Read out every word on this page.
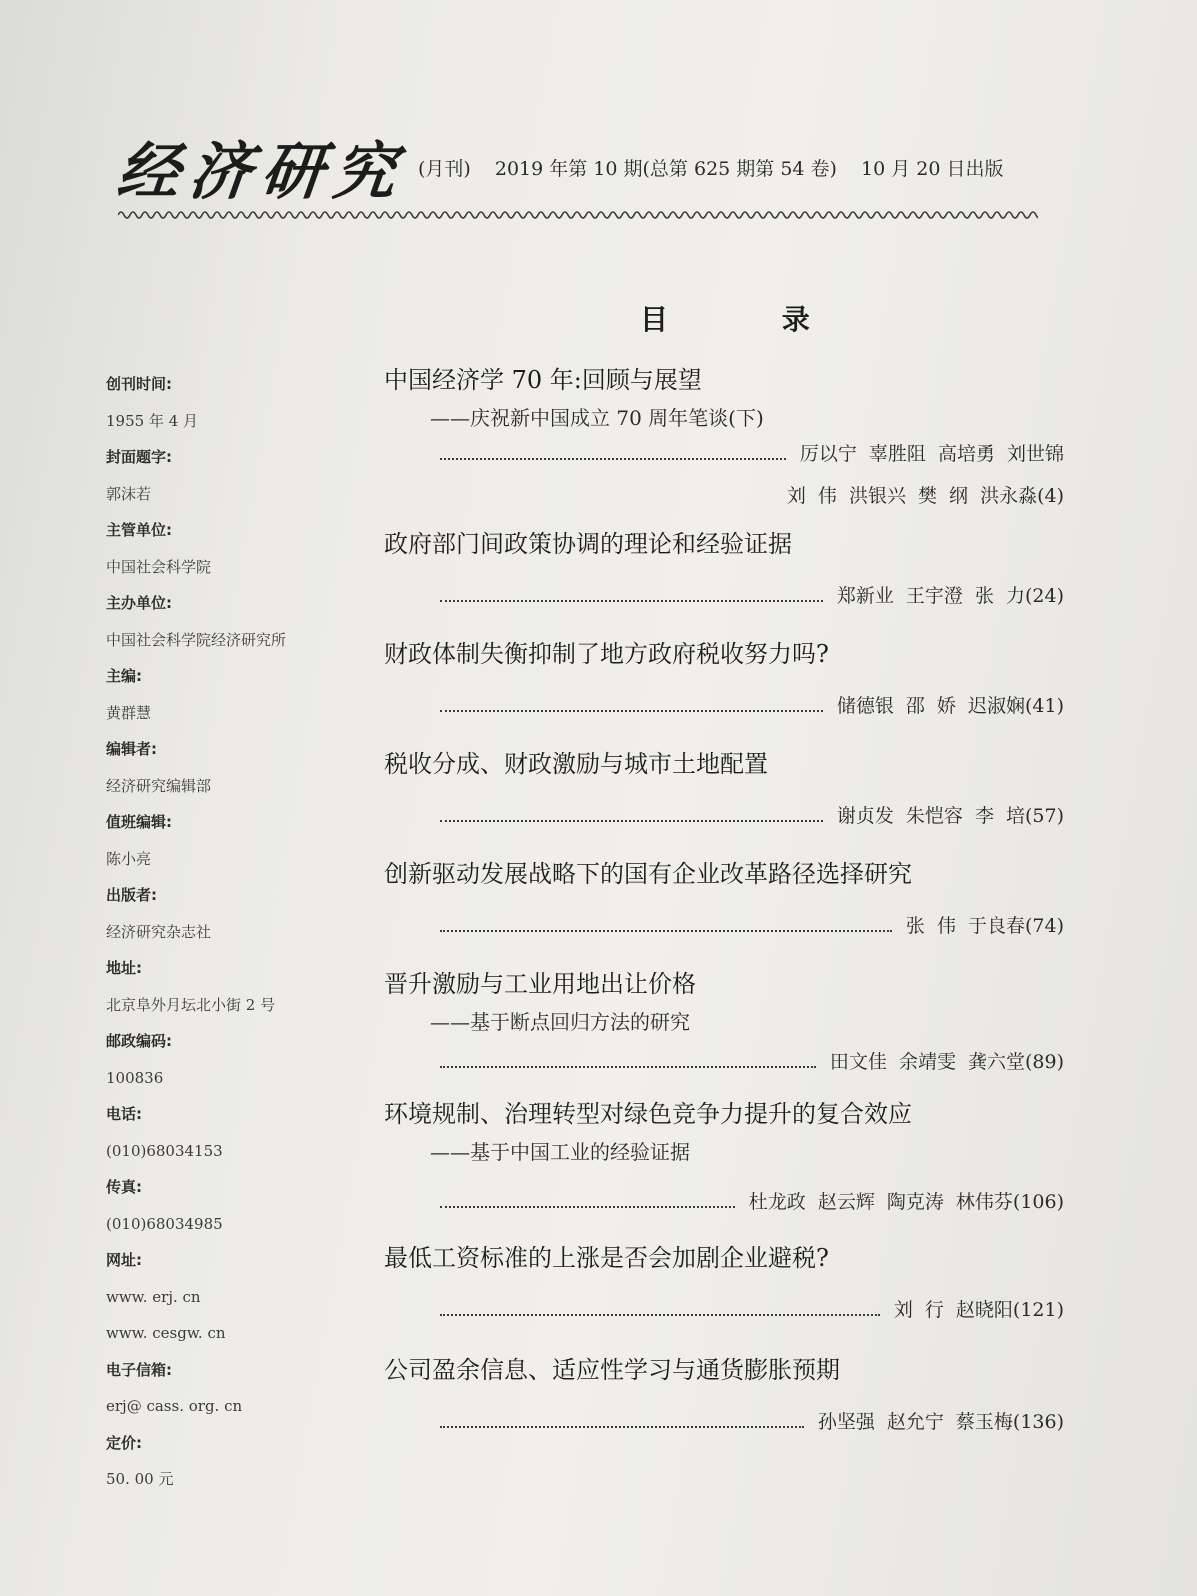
经济研究 (月刊) 2019 年第 10 期(总第 625 期第 54 卷) 10 月 20 日出版
目 录
创刊时间:
1955 年 4 月
封面题字:
郭沫若
主管单位:
中国社会科学院
主办单位:
中国社会科学院经济研究所
主编:
黄群慧
编辑者:
经济研究编辑部
值班编辑:
陈小亮
出版者:
经济研究杂志社
地址:
北京阜外月坛北小街 2 号
邮政编码:
100836
电话:
(010)68034153
传真:
(010)68034985
网址:
www. erj. cn
www. cesgw. cn
电子信箱:
erj@ cass. org. cn
定价:
50. 00 元
中国经济学 70 年:回顾与展望
——庆祝新中国成立 70 周年笔谈(下)
厉以宁 辜胜阻 高培勇 刘世锦
刘 伟 洪银兴 樊 纲 洪永淼(4)
政府部门间政策协调的理论和经验证据
郑新业 王宇澄 张 力(24)
财政体制失衡抑制了地方政府税收努力吗?
储德银 邵 娇 迟淑娴(41)
税收分成、财政激励与城市土地配置
谢贞发 朱恺容 李 培(57)
创新驱动发展战略下的国有企业改革路径选择研究
张 伟 于良春(74)
晋升激励与工业用地出让价格
——基于断点回归方法的研究
田文佳 余靖雯 龚六堂(89)
环境规制、治理转型对绿色竞争力提升的复合效应
——基于中国工业的经验证据
杜龙政 赵云辉 陶克涛 林伟芬(106)
最低工资标准的上涨是否会加剧企业避税?
刘 行 赵晓阳(121)
公司盈余信息、适应性学习与通货膨胀预期
孙坚强 赵允宁 蔡玉梅(136)
